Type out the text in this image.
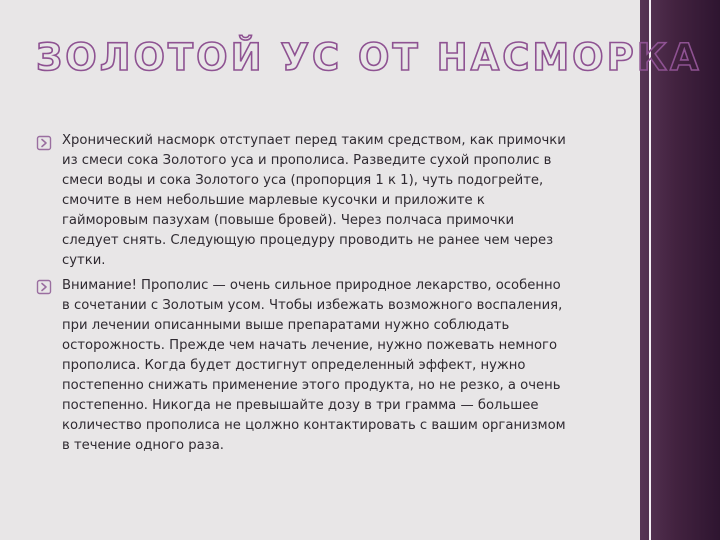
ЗОЛОТОЙ УС ОТ НАСМОРКА
Хронический насморк отступает перед таким средством, как примочки
из смеси сока Золотого уса и прополиса. Разведите сухой прополис в
смеси воды и сока Золотого уса (пропорция 1 к 1), чуть подогрейте,
смочите в нем небольшие марлевые кусочки и приложите к
гайморовым пазухам (повыше бровей). Через полчаса примочки
следует снять. Следующую процедуру проводить не ранее чем через
сутки.
Внимание! Прополис — очень сильное природное лекарство, особенно
в сочетании с Золотым усом. Чтобы избежать возможного воспаления,
при лечении описанными выше препаратами нужно соблюдать
осторожность. Прежде чем начать лечение, нужно пожевать немного
прополиса. Когда будет достигнут определенный эффект, нужно
постепенно снижать применение этого продукта, но не резко, а очень
постепенно. Никогда не превышайте дозу в три грамма — большее
количество прополиса не цолжно контактировать с вашим организмом
в течение одного раза.
